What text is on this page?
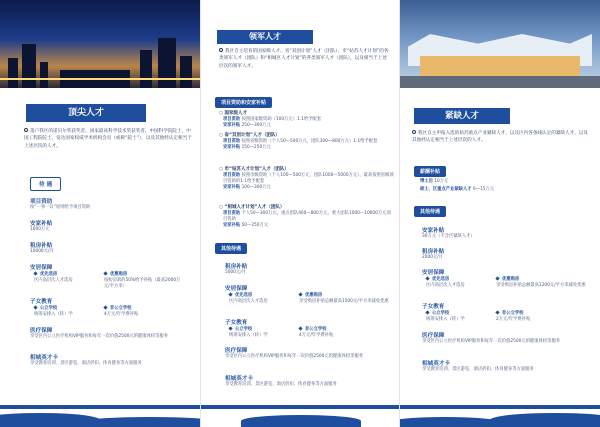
顶尖人才
落户我区的诺贝尔奖获奖者、国家最高科学技术奖获奖者、中国科学院院士、中国工程院院士、发达国家权威学术机构会员（或称“院士”），以及其他经认定相当于上述层次的人才。
待 遇
项目资助
按“一事一议”原则给予项目资助
安家补贴
1000万元
租房补贴
10000元/月
安居保障
优先选房
区内高层次人才选房
优惠购房
按购房款的50%给予补贴（最高2000万元/平方米）
子女教育
公立学校
统筹安排入（转）学
非公立学校
4万元/年学费补贴
医疗保障
享受区内公立医疗机构VIP服务和每年一次价值2500元的健康体检等服务
相城英才卡
享受教育培训、景区游览、酒店折扣、体育健身等方面服务
领军人才
我区自主培育的国家级人才、省“双创计划”人才（团队）、市“姑苏人才计划”的各类领军人才（团队）和“相城区人才计划”的各类领军人才（团队），以及相当于上述层次的领军人才。
项目资助和安家补贴
○ 国家级人才
项目资助 按照国家级资助（100万元）1:1给予配套
安家补贴 250—300万元
○ 省“双创计划”人才（团队）
项目资助 按照省级资助（个人50—500万元，团队300—800万元）1:1给予配套
安家补贴 150—250万元
○ 市“姑苏人才计划”人才（团队）
项目资助 按照市级资助（个人100—500万元，团队1000—5000万元），最高按照省级项目资助的1:1给予配套
安家补贴 100—300万元
○ “相城人才计划”人才（团队）
项目资助 个人50—300万元，重点团队400—800万元，重大团队1000—10000万元项目资助
安家补贴 50—250万元
其他待遇
租房补贴
5000元/月
安居保障
优先选房
区内高层次人才选房
优惠购房
享受购房补贴总额最高1500元/平方米减免优惠
子女教育
公立学校
统筹安排入（转）学
非公立学校
4万元/年学费补贴
医疗保障
享受区内公立医疗机构VIP服务和每年一次价值2500元的健康体检等服务
相城英才卡
享受教育培训、景区游览、酒店折扣、体育健身等方面服务
紧缺人才
我区自主申报入选的姑苏重点产业紧缺人才，以及区内各条线认定的紧缺人才，以及其他经认定相当于上述层次的人才。
薪酬补贴
博士后 10万元
硕士、区重点产业紧缺人才 6—15万元
其他待遇
安家补贴
30万元（不含区紧缺人才）
租房补贴
2000元/月
安居保障
优先选房
区内高层次人才选房
优惠购房
享受购房补贴总额最高1200元/平方米减免优惠
子女教育
公立学校
统筹安排入（转）学
非公立学校
2万元/年学费补贴
医疗保障
享受区内公立医疗机构VIP服务和每年一次价值2500元的健康体检等服务
相城英才卡
享受教育培训、景区游览、酒店折扣、体育健身等方面服务
